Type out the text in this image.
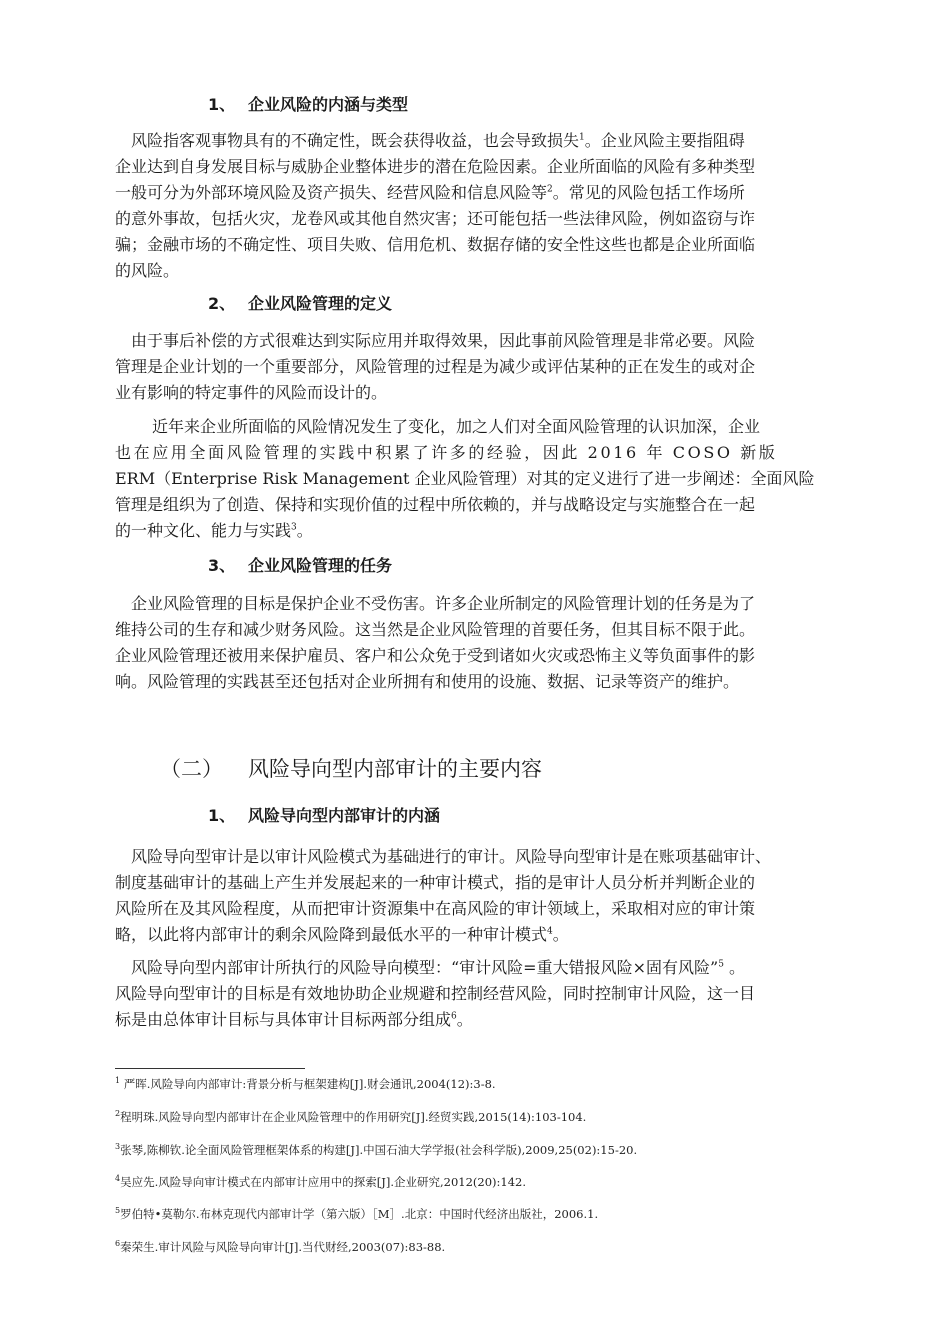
1、 企业风险的内涵与类型
风险指客观事物具有的不确定性，既会获得收益，也会导致损失$^1$。企业风险主要指阻碍
企业达到自身发展目标与威胁企业整体进步的潜在危险因素。企业所面临的风险有多种类型
一般可分为外部环境风险及资产损失、经营风险和信息风险等$^2$。常见的风险包括工作场所
的意外事故，包括火灾，龙卷风或其他自然灾害；还可能包括一些法律风险，例如盗窃与诈
骗；金融市场的不确定性、项目失败、信用危机、数据存储的安全性这些也都是企业所面临
的风险。
2、 企业风险管理的定义
由于事后补偿的方式很难达到实际应用并取得效果，因此事前风险管理是非常必要。风险
管理是企业计划的一个重要部分，风险管理的过程是为减少或评估某种的正在发生的或对企
业有影响的特定事件的风险而设计的。
近年来企业所面临的风险情况发生了变化，加之人们对全面风险管理的认识加深，企业
也在应用全面风险管理的实践中积累了许多的经验，因此 2016 年 COSO 新版
ERM（Enterprise Risk Management 企业风险管理）对其的定义进行了进一步阐述：全面风险
管理是组织为了创造、保持和实现价值的过程中所依赖的，并与战略设定与实施整合在一起
的一种文化、能力与实践$^3$。
3、 企业风险管理的任务
企业风险管理的目标是保护企业不受伤害。许多企业所制定的风险管理计划的任务是为了
维持公司的生存和减少财务风险。这当然是企业风险管理的首要任务，但其目标不限于此。
企业风险管理还被用来保护雇员、客户和公众免于受到诸如火灾或恐怖主义等负面事件的影
响。风险管理的实践甚至还包括对企业所拥有和使用的设施、数据、记录等资产的维护。
（二） 风险导向型内部审计的主要内容
1、 风险导向型内部审计的内涵
风险导向型审计是以审计风险模式为基础进行的审计。风险导向型审计是在账项基础审计、
制度基础审计的基础上产生并发展起来的一种审计模式，指的是审计人员分析并判断企业的
风险所在及其风险程度，从而把审计资源集中在高风险的审计领域上，采取相对应的审计策
略，以此将内部审计的剩余风险降到最低水平的一种审计模式$^4$。
风险导向型内部审计所执行的风险导向模型：“审计风险=重大错报风险×固有风险”$^5$ 。
风险导向型审计的目标是有效地协助企业规避和控制经营风险，同时控制审计风险，这一目
标是由总体审计目标与具体审计目标两部分组成$^6$。
$^1$ 严晖.风险导向内部审计:背景分析与框架建构[J].财会通讯,2004(12):3-8.
$^2$程明珠.风险导向型内部审计在企业风险管理中的作用研究[J].经贸实践,2015(14):103-104.
$^3$张琴,陈柳钦.论全面风险管理框架体系的构建[J].中国石油大学学报(社会科学版),2009,25(02):15-20.
$^4$吴应先.风险导向审计模式在内部审计应用中的探索[J].企业研究,2012(20):142.
$^5$罗伯特•莫勒尔.布林克现代内部审计学（第六版）［M］.北京：中国时代经济出版社，2006.1.
$^6$秦荣生.审计风险与风险导向审计[J].当代财经,2003(07):83-88.
